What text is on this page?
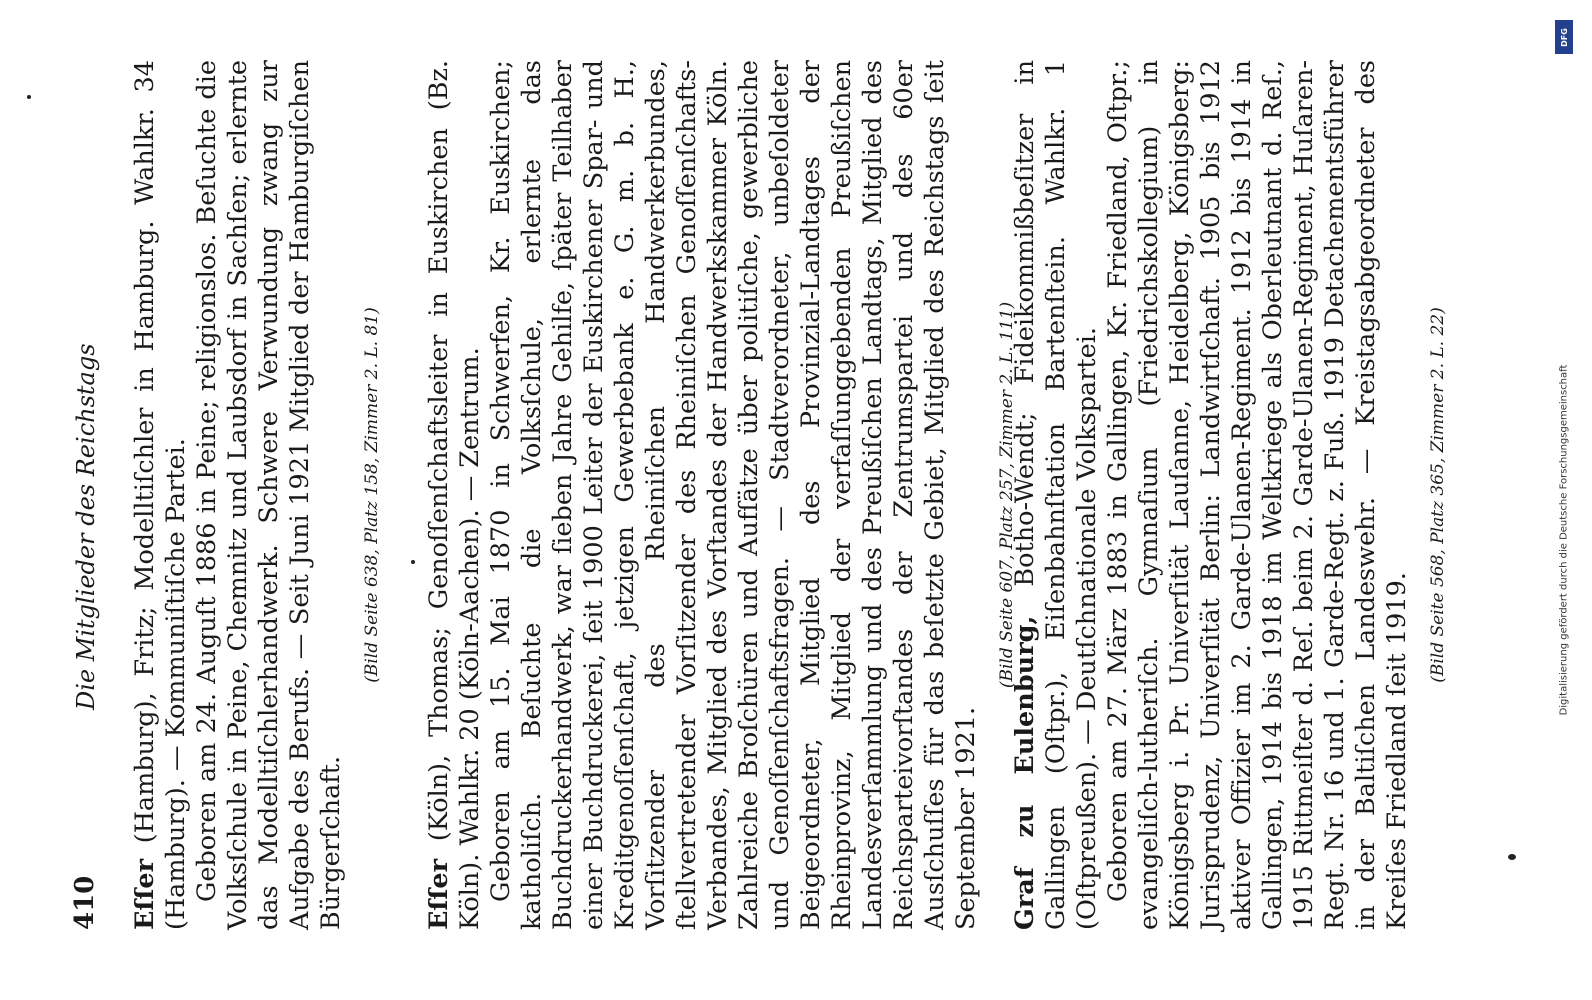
410
Die Mitglieder des Reichstags

Eſſer (Hamburg), Fritz; Modelltiſchler in Hamburg. Wahlkr. 34 (Hamburg). — Kommuniſtiſche Partei. Geboren am 24. Auguſt 1886 in Peine; religionslos. Beſuchte die Volksſchule in Peine, Chemnitz und Laubsdorf in Sachſen; erlernte das Modelltiſchlerhandwerk. Schwere Verwundung zwang zur Aufgabe des Berufs. — Seit Juni 1921 Mitglied der Hamburgiſchen Bürgerſchaft.

(Bild Seite 638, Platz 158, Zimmer 2. L. 81)

Eſſer (Köln), Thomas; Genoſſenſchaftsleiter in Euskirchen (Bz. Köln). Wahlkr. 20 (Köln-Aachen). — Zentrum. Geboren am 15. Mai 1870 in Schwerfen, Kr. Euskirchen; katholiſch. Beſuchte die Volksſchule, erlernte das Buchdruckerhandwerk, war ſieben Jahre Gehilfe, ſpäter Teilhaber einer Buchdruckerei, ſeit 1900 Leiter der Euskirchener Spar- und Kreditgenoſſenſchaft, jetzigen Gewerbebank e. G. m. b. H., Vorſitzender des Rheiniſchen Handwerkerbundes, ſtellvertretender Vorſitzender des Rheiniſchen Genoſſenſchafts-Verbandes, Mitglied des Vorſtandes der Handwerkskammer Köln. Zahlreiche Broſchüren und Aufſätze über politiſche, gewerbliche und Genoſſenſchaftsfragen. — Stadtverordneter, unbeſoldeter Beigeordneter, Mitglied des Provinzial-Landtages der Rheinprovinz, Mitglied der verfaſſunggebenden Preußiſchen Landesverſammlung und des Preußiſchen Landtags, Mitglied des Reichsparteivorſtandes der Zentrumspartei und des 60er Ausſchuſſes für das beſetzte Gebiet, Mitglied des Reichstags ſeit September 1921.

(Bild Seite 607, Platz 257, Zimmer 2. L. 111)

Graf zu Eulenburg, Botho-Wendt; Fideikommißbeſitzer in Gallingen (Oſtpr.), Eiſenbahnſtation Bartenſtein. Wahlkr. 1 (Oſtpreußen). — Deutſchnationale Volkspartei. Geboren am 27. März 1883 in Gallingen, Kr. Friedland, Oſtpr.; evangeliſch-lutheriſch. Gymnaſium (Friedrichskollegium) in Königsberg i. Pr. Univerſität Lauſanne, Heidelberg, Königsberg: Jurisprudenz, Univerſität Berlin: Landwirtſchaft. 1905 bis 1912 aktiver Offizier im 2. Garde-Ulanen-Regiment. 1912 bis 1914 in Gallingen, 1914 bis 1918 im Weltkriege als Oberleutnant d. Reſ., 1915 Rittmeiſter d. Reſ. beim 2. Garde-Ulanen-Regiment, Huſaren-Regt. Nr. 16 und 1. Garde-Regt. z. Fuß. 1919 Detachementsführer in der Baltiſchen Landeswehr. — Kreistagsabgeordneter des Kreiſes Friedland ſeit 1919.

(Bild Seite 568, Platz 365, Zimmer 2. L. 22)

DFG
Digitalisierung gefördert durch die Deutsche Forschungsgemeinschaft
